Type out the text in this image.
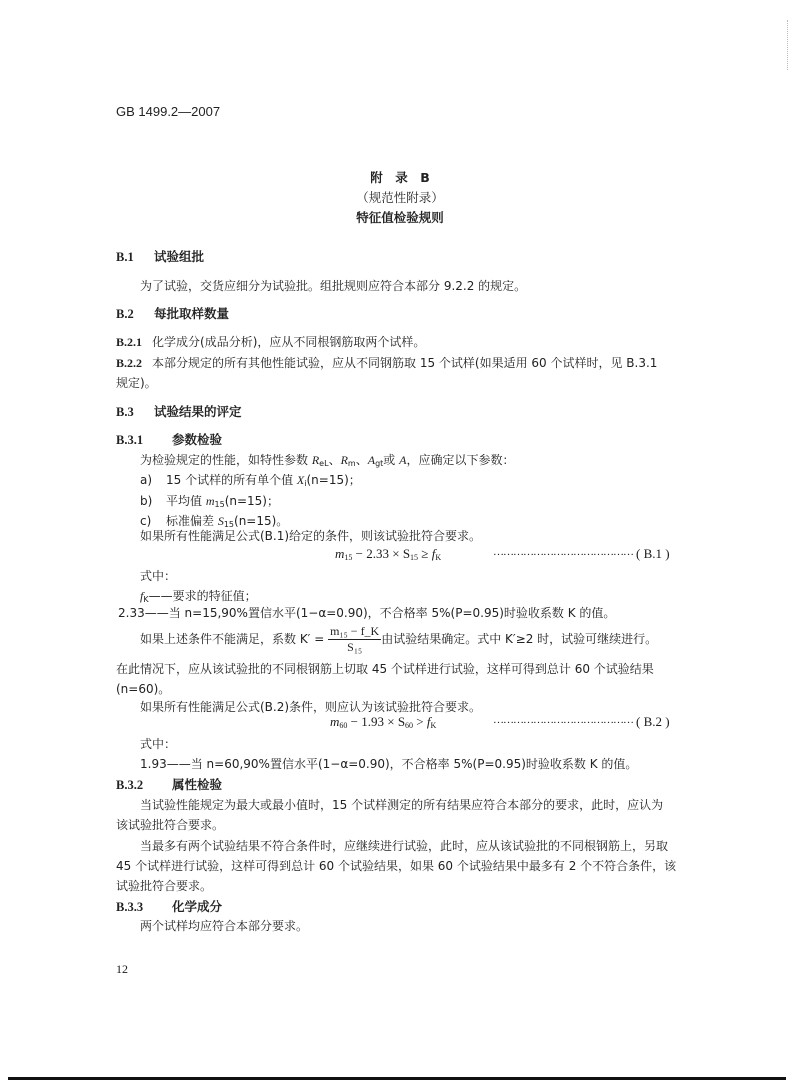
GB 1499.2—2007
附　录　B
（规范性附录）
特征值检验规则
B.1 试验组批
为了试验，交货应细分为试验批。组批规则应符合本部分 9.2.2 的规定。
B.2 每批取样数量
B.2.1 化学成分(成品分析)，应从不同根钢筋取两个试样。
B.2.2 本部分规定的所有其他性能试验，应从不同钢筋取 15 个试样(如果适用 60 个试样时，见 B.3.1
规定)。
B.3 试验结果的评定
B.3.1 参数检验
为检验规定的性能，如特性参数 $R_{eL}$、$R_m$、$A_{gt}$或 A，应确定以下参数：
a) 15 个试样的所有单个值 $X_i(n=15)$；
b) 平均值 $m_{15}(n=15)$；
c) 标准偏差 $S_{15}(n=15)$。
如果所有性能满足公式(B.1)给定的条件，则该试验批符合要求。
$m_{15} - 2.33 \times S_{15} \ge f_K$	…………………………………… ( B.1 )
式中：
$f_K——$要求的特征值；
2.33——当 n=15,90%置信水平(1−α=0.90)，不合格率 5%(P=0.95)时验收系数 K 的值。
如果上述条件不能满足，系数 $K' = \frac{\text{m₁₅ − f\_K}}{\text{S₁₅}}$ 由试验结果确定。式中 K′≥2 时，试验可继续进行。
在此情况下，应从该试验批的不同根钢筋上切取 45 个试样进行试验，这样可得到总计 60 个试验结果
(n=60)。
如果所有性能满足公式(B.2)条件，则应认为该试验批符合要求。
$m_{60} - 1.93 \times S_{60} > f_K$	…………………………………… ( B.2 )
式中：
1.93——当 n=60,90%置信水平(1−α=0.90)，不合格率 5%(P=0.95)时验收系数 K 的值。
B.3.2 属性检验
当试验性能规定为最大或最小值时，15 个试样测定的所有结果应符合本部分的要求，此时，应认为
该试验批符合要求。
当最多有两个试验结果不符合条件时，应继续进行试验，此时，应从该试验批的不同根钢筋上，另取
45 个试样进行试验，这样可得到总计 60 个试验结果，如果 60 个试验结果中最多有 2 个不符合条件，该
试验批符合要求。
B.3.3 化学成分
两个试样均应符合本部分要求。
12
